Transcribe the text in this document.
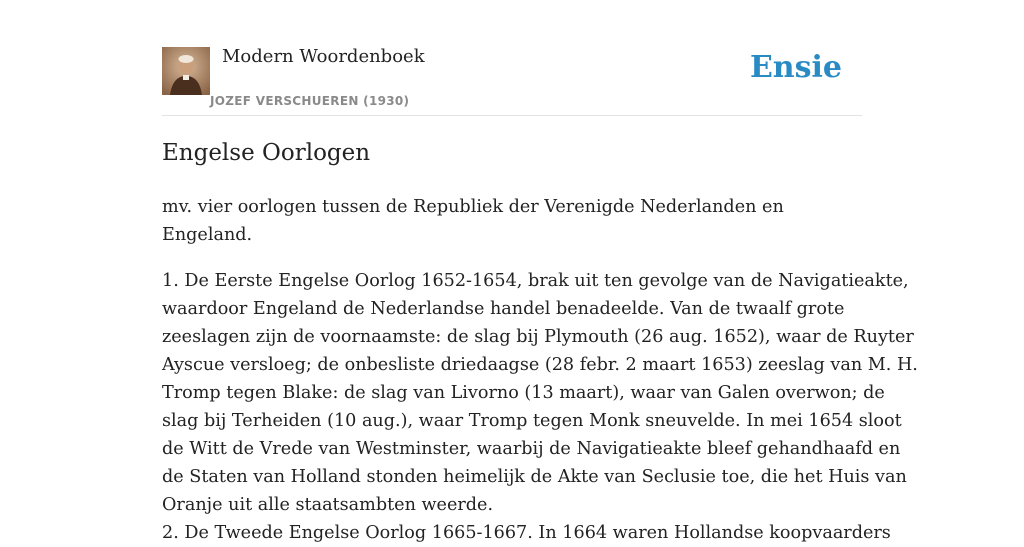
Modern Woordenboek
JOZEF VERSCHUEREN (1930)
Ensie
Engelse Oorlogen

mv. vier oorlogen tussen de Republiek der Verenigde Nederlanden en Engeland.

1. De Eerste Engelse Oorlog 1652-1654, brak uit ten gevolge van de Navigatieakte,
waardoor Engeland de Nederlandse handel benadeelde. Van de twaalf grote
zeeslagen zijn de voornaamste: de slag bij Plymouth (26 aug. 1652), waar de Ruyter
Ayscue versloeg; de onbesliste driedaagse (28 febr. 2 maart 1653) zeeslag van M. H.
Tromp tegen Blake: de slag van Livorno (13 maart), waar van Galen overwon; de
slag bij Terheiden (10 aug.), waar Tromp tegen Monk sneuvelde. In mei 1654 sloot
de Witt de Vrede van Westminster, waarbij de Navigatieakte bleef gehandhaafd en
de Staten van Holland stonden heimelijk de Akte van Seclusie toe, die het Huis van
Oranje uit alle staatsambten weerde.
2. De Tweede Engelse Oorlog 1665-1667. In 1664 waren Hollandse koopvaarders
